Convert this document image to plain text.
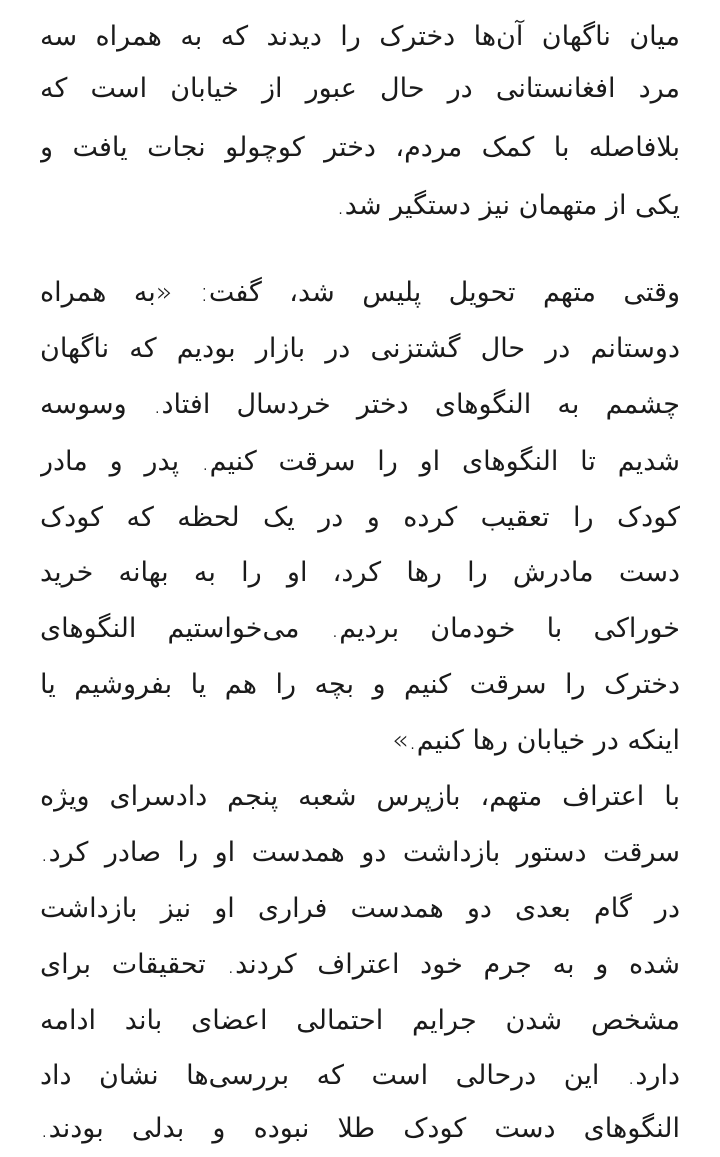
میان ناگهان آن‌ها دخترک را دیدند که به همراه سه
مرد افغانستانی در حال عبور از خیابان است که
بلافاصله با کمک مردم، دختر کوچولو نجات یافت و
یکی از متهمان نیز دستگیر شد.
وقتی متهم تحویل پلیس شد، گفت: «به همراه
دوستانم در حال گشتزنی در بازار بودیم که ناگهان
چشمم به النگوهای دختر خردسال افتاد. وسوسه
شدیم تا النگوهای او را سرقت کنیم. پدر و مادر
کودک را تعقیب کرده و در یک لحظه که کودک
دست مادرش را رها کرد، او را به بهانه خرید
خوراکی با خودمان بردیم. می‌خواستیم النگوهای
دخترک را سرقت کنیم و بچه را هم یا بفروشیم یا
اینکه در خیابان رها کنیم.»
با اعتراف متهم، بازپرس شعبه پنجم دادسرای ویژه
سرقت دستور بازداشت دو همدست او را صادر کرد.
در گام بعدی دو همدست فراری او نیز بازداشت
شده و به جرم خود اعتراف کردند. تحقیقات برای
مشخص شدن جرایم احتمالی اعضای باند ادامه
دارد. این درحالی است که بررسی‌ها نشان داد
النگوهای دست کودک طلا نبوده و بدلی بودند.
